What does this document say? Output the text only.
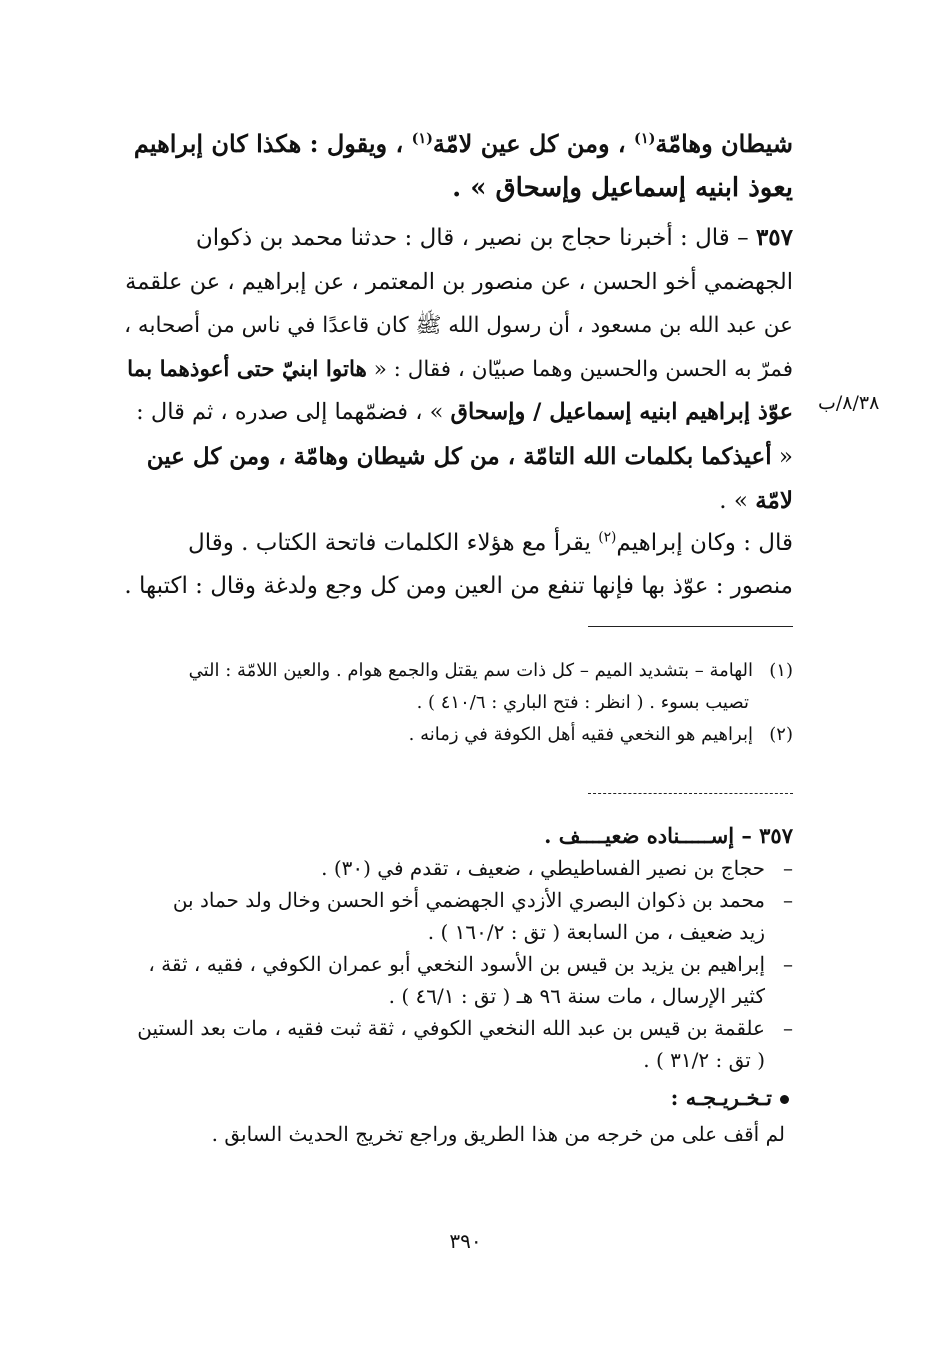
شيطان وهامّة$^{(١)}$ ، ومن كل عين لامّة$^{(١)}$ ، ويقول : هكذا كان إبراهيم
يعوذ ابنيه إسماعيل وإسحاق » .
٣٥٧ – قال : أخبرنا حجاج بن نصير ، قال : حدثنا محمد بن ذكوان
الجهضمي أخو الحسن ، عن منصور بن المعتمر ، عن إبراهيم ، عن علقمة
عن عبد الله بن مسعود ، أن رسول الله ﷺ كان قاعدًا في ناس من أصحابه ،
فمرّ به الحسن والحسين وهما صبيّان ، فقال : « هاتوا ابنيّ حتى أعوذهما بما
عوّذ إبراهيم ابنيه إسماعيل / وإسحاق » ، فضمّهما إلى صدره ، ثم قال :
« أعيذكما بكلمات الله التامّة ، من كل شيطان وهامّة ، ومن كل عين
لامّة » .
٨/٣٨/ب
قال : وكان إبراهيم$^{(٢)}$ يقرأ مع هؤلاء الكلمات فاتحة الكتاب . وقال
منصور : عوّذ بها فإنها تنفع من العين ومن كل وجع ولدغة وقال : اكتبها .
(١)الهامة – بتشديد الميم – كل ذات سم يقتل والجمع هوام . والعين اللامّة : التي
تصيب بسوء . ( انظر : فتح الباري : ٤١٠/٦ ) .
(٢)إبراهيم هو النخعي فقيه أهل الكوفة في زمانه .
٣٥٧ – إســـــناده ضعيــــف .
–حجاج بن نصير الفساطيطي ، ضعيف ، تقدم في (٣٠) .
–محمد بن ذكوان البصري الأزدي الجهضمي أخو الحسن وخال ولد حماد بن
زيد ضعيف ، من السابعة ( تق : ١٦٠/٢ ) .
–إبراهيم بن يزيد بن قيس بن الأسود النخعي أبو عمران الكوفي ، فقيه ، ثقة ،
كثير الإرسال ، مات سنة ٩٦ هـ ( تق : ٤٦/١ ) .
–علقمة بن قيس بن عبد الله النخعي الكوفي ، ثقة ثبت فقيه ، مات بعد الستين
( تق : ٣١/٢ ) .
تـخـريـجـه :
لم أقف على من خرجه من هذا الطريق وراجع تخريج الحديث السابق .
٣٩٠
